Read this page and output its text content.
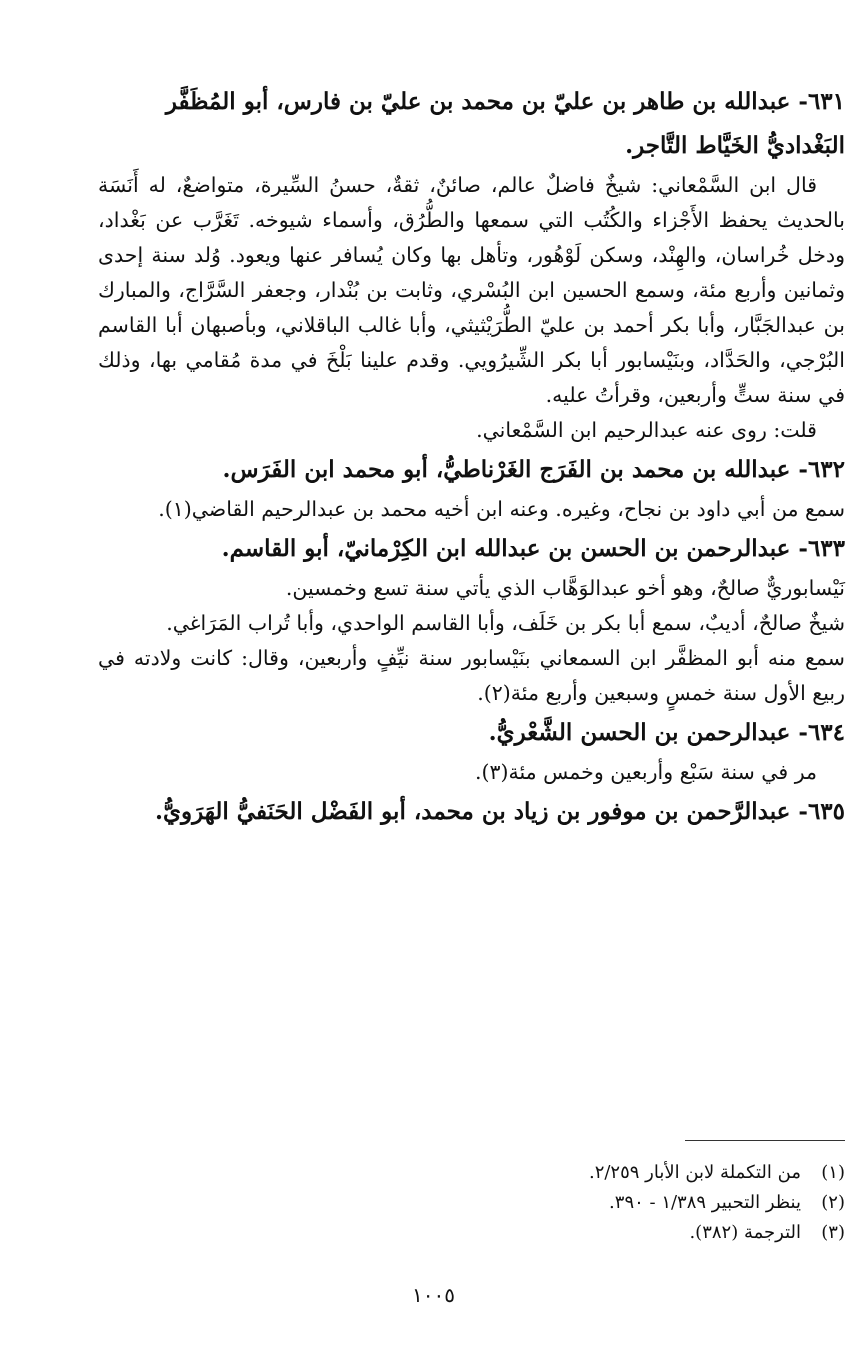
٦٣١- عبدالله بن طاهر بن عليّ بن محمد بن عليّ بن فارس، أبو المُظَفَّر البَغْداديُّ الخَيَّاط التَّاجر.

قال ابن السَّمْعاني: شيخٌ فاضلٌ عالم، صائنٌ، ثقةٌ، حسنُ السِّيرة، متواضعٌ، له أَنَسَة بالحديث يحفظ الأَجْزاء والكُتُب التي سمعها والطُّرُق، وأسماء شيوخه. تَغَرَّب عن بَغْداد، ودخل خُراسان، والهِنْد، وسكن لَوْهُور، وتأهل بها وكان يُسافر عنها ويعود. وُلد سنة إحدى وثمانين وأربع مئة، وسمع الحسين ابن البُسْري، وثابت بن بُنْدار، وجعفر السَّرَّاج، والمبارك بن عبدالجَبَّار، وأبا بكر أحمد بن عليّ الطُّرَيْثيثي، وأبا غالب الباقلاني، وبأصبهان أبا القاسم البُرْجي، والحَدَّاد، وبنَيْسابور أبا بكر الشِّيرُويي. وقدم علينا بَلْخَ في مدة مُقامي بها، وذلك في سنة ستٍّ وأربعين، وقرأتُ عليه.

قلت: روى عنه عبدالرحيم ابن السَّمْعاني.

٦٣٢- عبدالله بن محمد بن الفَرَج الغَرْناطيُّ، أبو محمد ابن الفَرَس.

سمع من أبي داود بن نجاح، وغيره. وعنه ابن أخيه محمد بن عبدالرحيم القاضي(١).

٦٣٣- عبدالرحمن بن الحسن بن عبدالله ابن الكِرْمانيّ، أبو القاسم.

نَيْسابوريٌّ صالحٌ، وهو أخو عبدالوَهَّاب الذي يأتي سنة تسع وخمسين.

شيخٌ صالحٌ، أديبٌ، سمع أبا بكر بن خَلَف، وأبا القاسم الواحدي، وأبا تُراب المَرَاغي.

سمع منه أبو المظفَّر ابن السمعاني بنَيْسابور سنة نيِّفٍ وأربعين، وقال: كانت ولادته في ربيع الأول سنة خمسٍ وسبعين وأربع مئة(٢).

٦٣٤- عبدالرحمن بن الحسن الشَّعْريُّ.

مر في سنة سَبْع وأربعين وخمس مئة(٣).

٦٣٥- عبدالرَّحمن بن موفور بن زياد بن محمد، أبو الفَضْل الحَنَفيُّ الهَرَويُّ.

(١)من التكملة لابن الأبار ٢/٢٥٩.

(٢)ينظر التحبير ١/٣٨٩ - ٣٩٠.

(٣)الترجمة (٣٨٢).

١٠٠٥
